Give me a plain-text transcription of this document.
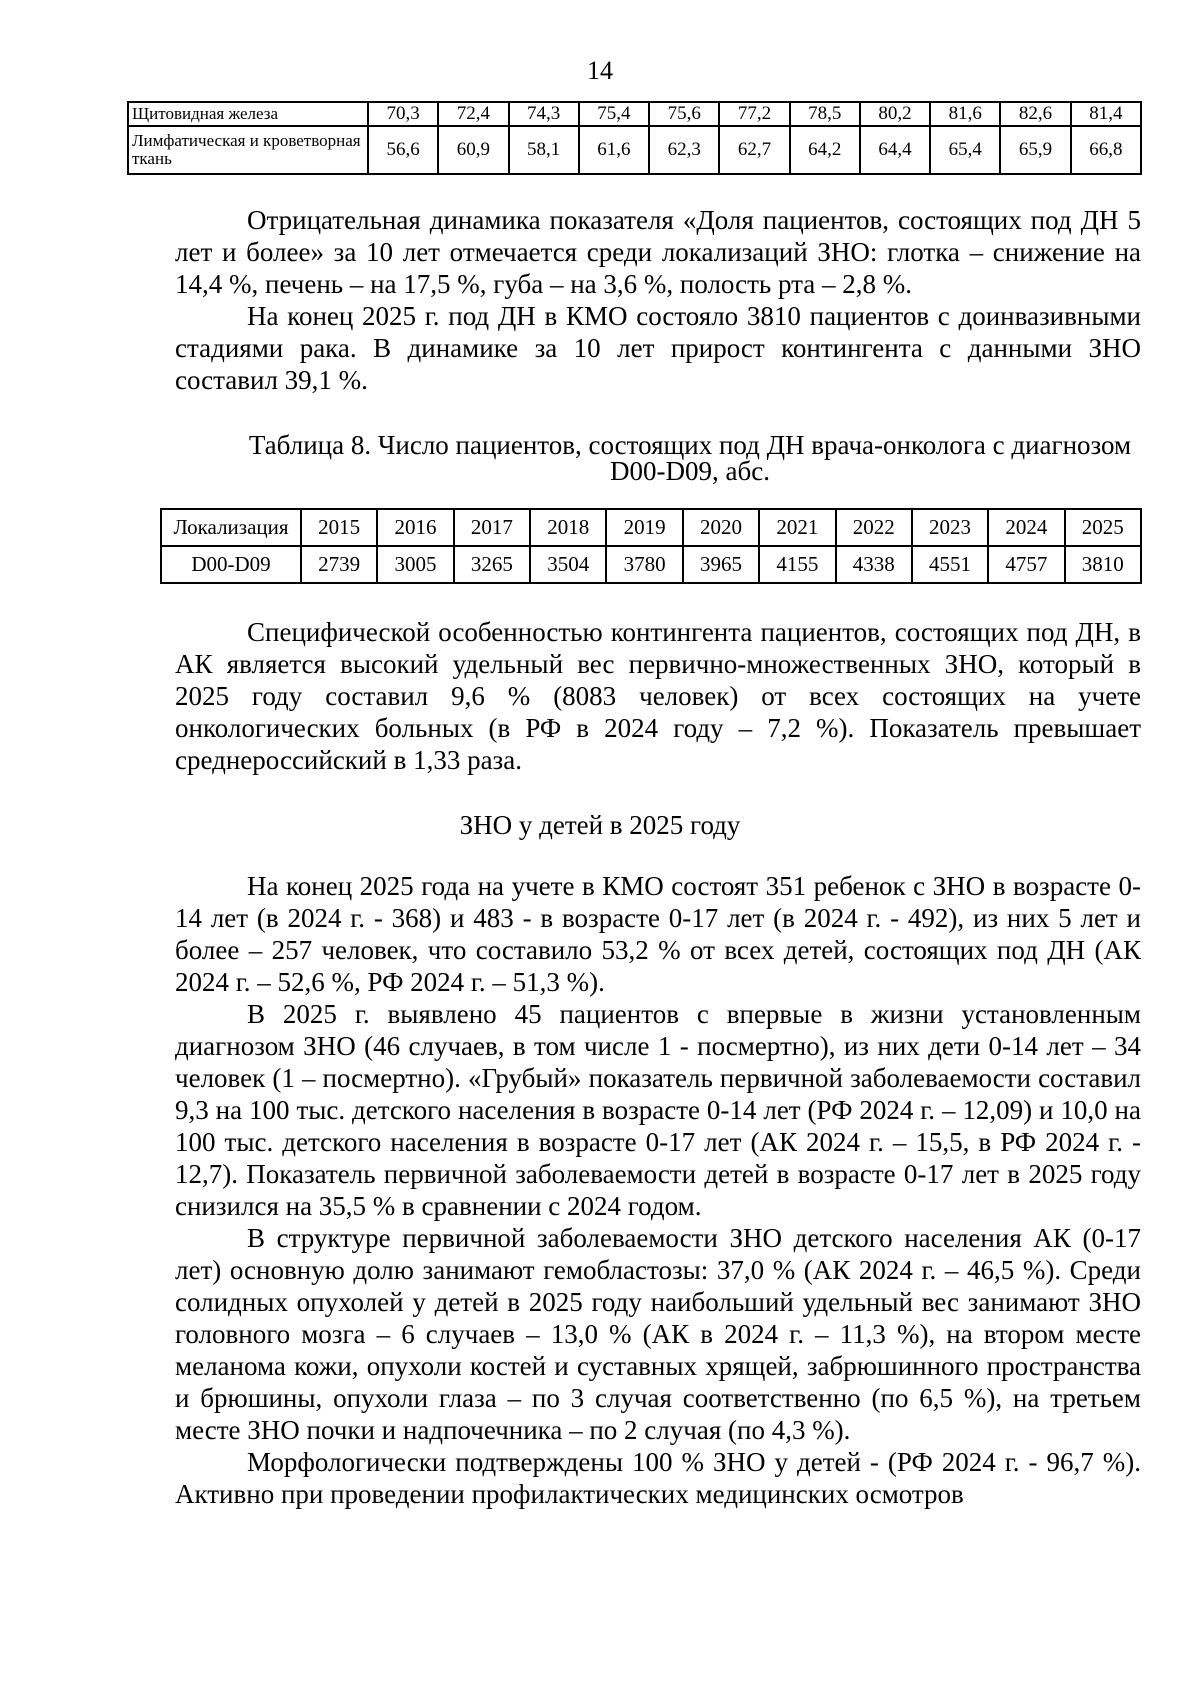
14
Щитовидная железа	70,3	72,4	74,3	75,4	75,6	77,2	78,5	80,2	81,6	82,6	81,4
Лимфатическая и кроветворная ткань	56,6	60,9	58,1	61,6	62,3	62,7	64,2	64,4	65,4	65,9	66,8

Отрицательная динамика показателя «Доля пациентов, состоящих под ДН 5 лет и более» за 10 лет отмечается среди локализаций ЗНО: глотка – снижение на 14,4 %, печень – на 17,5 %, губа – на 3,6 %, полость рта – 2,8 %.

На конец 2025 г. под ДН в КМО состояло 3810 пациентов с доинвазивными стадиями рака. В динамике за 10 лет прирост контингента с данными ЗНО составил 39,1 %.

Таблица 8. Число пациентов, состоящих под ДН врача-онколога с диагнозом D00-D09, абс.
Локализация	2015	2016	2017	2018	2019	2020	2021	2022	2023	2024	2025
D00-D09	2739	3005	3265	3504	3780	3965	4155	4338	4551	4757	3810

Специфической особенностью контингента пациентов, состоящих под ДН, в АК является высокий удельный вес первично-множественных ЗНО, который в 2025 году составил 9,6 % (8083 человек) от всех состоящих на учете онкологических больных (в РФ в 2024 году – 7,2 %). Показатель превышает среднероссийский в 1,33 раза.

ЗНО у детей в 2025 году

На конец 2025 года на учете в КМО состоят 351 ребенок с ЗНО в возрасте 0-14 лет (в 2024 г. - 368) и 483 - в возрасте 0-17 лет (в 2024 г. - 492), из них 5 лет и более – 257 человек, что составило 53,2 % от всех детей, состоящих под ДН (АК 2024 г. – 52,6 %, РФ 2024 г. – 51,3 %).

В 2025 г. выявлено 45 пациентов с впервые в жизни установленным диагнозом ЗНО (46 случаев, в том числе 1 - посмертно), из них дети 0-14 лет – 34 человек (1 – посмертно). «Грубый» показатель первичной заболеваемости составил 9,3 на 100 тыс. детского населения в возрасте 0-14 лет (РФ 2024 г. – 12,09) и 10,0 на 100 тыс. детского населения в возрасте 0-17 лет (АК 2024 г. – 15,5, в РФ 2024 г. - 12,7). Показатель первичной заболеваемости детей в возрасте 0-17 лет в 2025 году снизился на 35,5 % в сравнении с 2024 годом.

В структуре первичной заболеваемости ЗНО детского населения АК (0-17 лет) основную долю занимают гемобластозы: 37,0 % (АК 2024 г. – 46,5 %). Среди солидных опухолей у детей в 2025 году наибольший удельный вес занимают ЗНО головного мозга – 6 случаев – 13,0 % (АК в 2024 г. – 11,3 %), на втором месте меланома кожи, опухоли костей и суставных хрящей, забрюшинного пространства и брюшины, опухоли глаза – по 3 случая соответственно (по 6,5 %), на третьем месте ЗНО почки и надпочечника – по 2 случая (по 4,3 %).

Морфологически подтверждены 100 % ЗНО у детей - (РФ 2024 г. - 96,7 %). Активно при проведении профилактических медицинских осмотров
